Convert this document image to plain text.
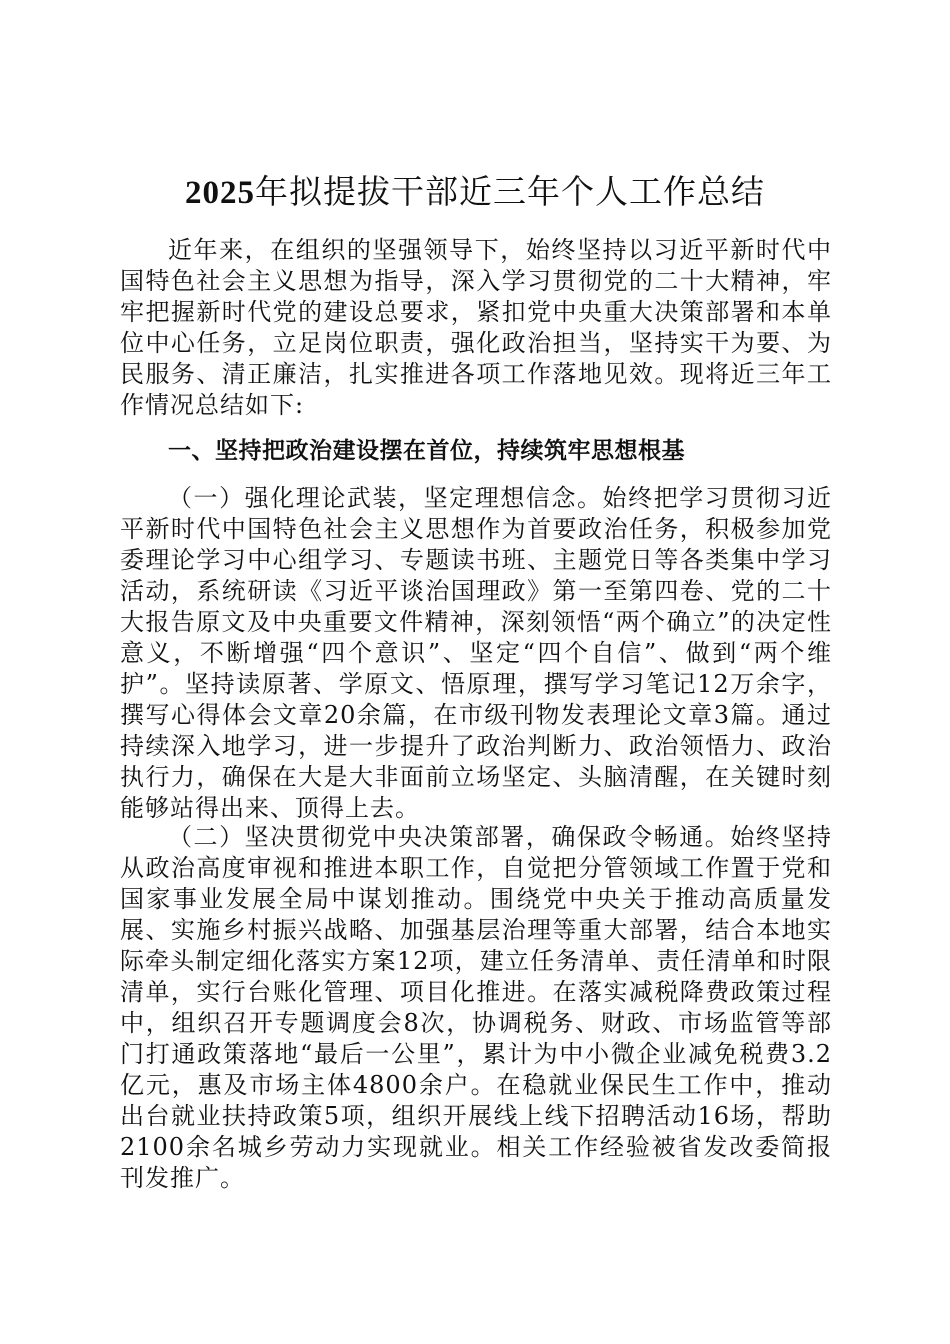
2025年拟提拔干部近三年个人工作总结

近年来，在组织的坚强领导下，始终坚持以习近平新时代中国特色社会主义思想为指导，深入学习贯彻党的二十大精神，牢牢把握新时代党的建设总要求，紧扣党中央重大决策部署和本单位中心任务，立足岗位职责，强化政治担当，坚持实干为要、为民服务、清正廉洁，扎实推进各项工作落地见效。现将近三年工作情况总结如下:

一、坚持把政治建设摆在首位，持续筑牢思想根基

（一）强化理论武装，坚定理想信念。始终把学习贯彻习近平新时代中国特色社会主义思想作为首要政治任务，积极参加党委理论学习中心组学习、专题读书班、主题党日等各类集中学习活动，系统研读《习近平谈治国理政》第一至第四卷、党的二十大报告原文及中央重要文件精神，深刻领悟“两个确立”的决定性意义，不断增强“四个意识”、坚定“四个自信”、做到“两个维护”。坚持读原著、学原文、悟原理，撰写学习笔记12万余字，撰写心得体会文章20余篇，在市级刊物发表理论文章3篇。通过持续深入地学习，进一步提升了政治判断力、政治领悟力、政治执行力，确保在大是大非面前立场坚定、头脑清醒，在关键时刻能够站得出来、顶得上去。

（二）坚决贯彻党中央决策部署，确保政令畅通。始终坚持从政治高度审视和推进本职工作，自觉把分管领域工作置于党和国家事业发展全局中谋划推动。围绕党中央关于推动高质量发展、实施乡村振兴战略、加强基层治理等重大部署，结合本地实际牵头制定细化落实方案12项，建立任务清单、责任清单和时限清单，实行台账化管理、项目化推进。在落实减税降费政策过程中，组织召开专题调度会8次，协调税务、财政、市场监管等部门打通政策落地“最后一公里”，累计为中小微企业减免税费3.2亿元，惠及市场主体4800余户。在稳就业保民生工作中，推动出台就业扶持政策5项，组织开展线上线下招聘活动16场，帮助2100余名城乡劳动力实现就业。相关工作经验被省发改委简报刊发推广。
